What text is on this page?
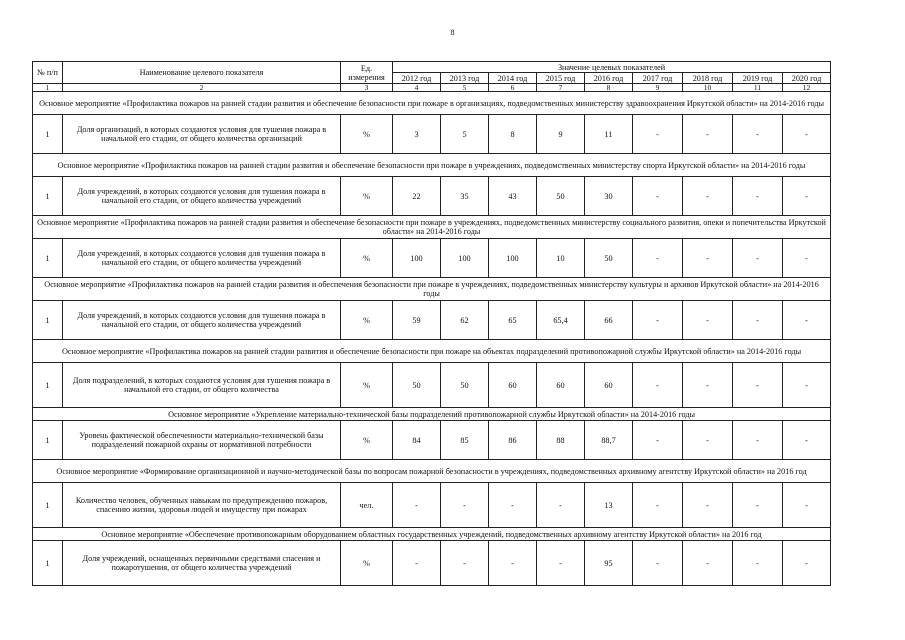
8
№ п/п	Наименование целевого показателя	Ед. измерения	Значение целевых показателей								
			2012 год	2013 год	2014 год	2015 год	2016 год	2017 год	2018 год	2019 год	2020 год
1	2	3	4	5	6	7	8	9	10	11	12
Основное мероприятие «Профилактика пожаров на ранней стадии развития и обеспечение безопасности при пожаре в организациях, подведомственных министерству здравоохранения Иркутской области» на 2014-2016 годы											
1	Доля организаций, в которых создаются условия для тушения пожара в начальной его стадии, от общего количества организаций	%	3	5	8	9	11	-	-	-	-
Основное мероприятие «Профилактика пожаров на ранней стадии развития и обеспечение безопасности при пожаре в учреждениях, подведомственных министерству спорта Иркутской области» на 2014-2016 годы											
1	Доля учреждений, в которых создаются условия для тушения пожара в начальной его стадии, от общего количества учреждений	%	22	35	43	50	30	-	-	-	-
Основное мероприятие «Профилактика пожаров на ранней стадии развития и обеспечение безопасности при пожаре в учреждениях, подведомственных министерству социального развития, опеки и попечительства Иркутской области» на 2014-2016 годы											
1	Доля учреждений, в которых создаются условия для тушения пожара в начальной его стадии, от общего количества учреждений	%	100	100	100	10	50	-	-	-	-
Основное мероприятие «Профилактика пожаров на ранней стадии развития и обеспечения безопасности при пожаре в учреждениях, подведомственных министерству культуры и архивов Иркутской области» на 2014-2016 годы											
1	Доля учреждений, в которых создаются условия для тушения пожара в начальной его стадии, от общего количества учреждений	%	59	62	65	65,4	66	-	-	-	-
Основное мероприятие «Профилактика пожаров на ранней стадии развития и обеспечение безопасности при пожаре на объектах подразделений противопожарной службы Иркутской области» на 2014-2016 годы											
1	Доля подразделений, в которых создаются условия для тушения пожара в начальной его стадии, от общего количества	%	50	50	60	60	60	-	-	-	-
Основное мероприятие «Укрепление материально-технической базы подразделений противопожарной службы Иркутской области» на 2014-2016 годы											
1	Уровень фактической обеспеченности материально-технической базы подразделений пожарной охраны от нормативной потребности	%	84	85	86	88	88,7	-	-	-	-
Основное мероприятие «Формирование организационной и научно-методической базы по вопросам пожарной безопасности в учреждениях, подведомственных архивному агентству Иркутской области» на 2016 год											
1	Количество человек, обученных навыкам по предупреждению пожаров, спасению жизни, здоровья людей и имуществу при пожарах	чел.	-	-	-	-	13	-	-	-	-
Основное мероприятие «Обеспечение противопожарным оборудованием областных государственных учреждений, подведомственных архивному агентству Иркутской области» на 2016 год											
1	Доля учреждений, оснащенных первичными средствами спасения и пожаротушения, от общего количества учреждений	%	-	-	-	-	95	-	-	-	-
